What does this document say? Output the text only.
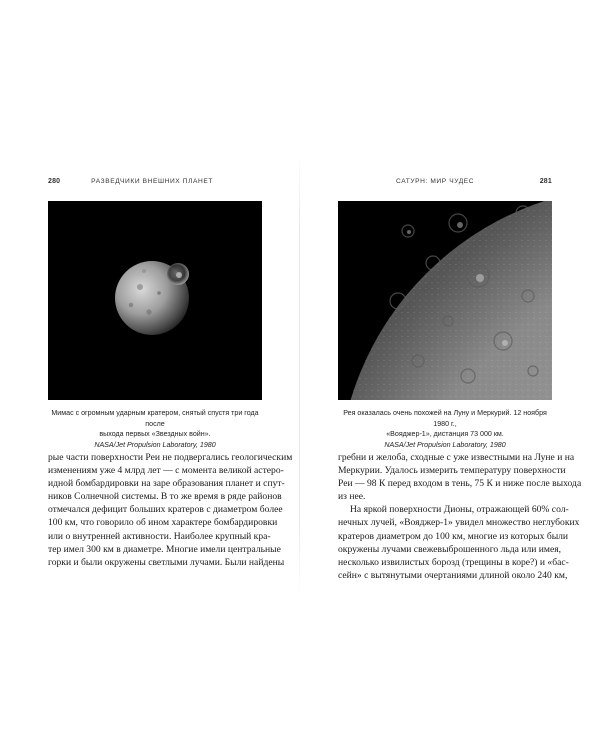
280	РАЗВЕДЧИКИ ВНЕШНИХ ПЛАНЕТ
Мимас с огромным ударным кратером, снятый спустя три года после
выхода первых «Звездных войн».
NASA/Jet Propulsion Laboratory, 1980
рые части поверхности Реи не подвергались геологическим
изменениям уже 4 млрд лет — с момента великой астеро-
идной бомбардировки на заре образования планет и спут-
ников Солнечной системы. В то же время в ряде районов
отмечался дефицит больших кратеров с диаметром более
100 км, что говорило об ином характере бомбардировки
или о внутренней активности. Наиболее крупный кра-
тер имел 300 км в диаметре. Многие имели центральные
горки и были окружены светлыми лучами. Были найдены
САТУРН: МИР ЧУДЕС	281
Рея оказалась очень похожей на Луну и Меркурий. 12 ноября 1980 г.,
«Вояджер-1», дистанция 73 000 км.
NASA/Jet Propulsion Laboratory, 1980
гребни и желоба, сходные с уже известными на Луне и на
Меркурии. Удалось измерить температуру поверхности
Реи — 98 К перед входом в тень, 75 К и ниже после выхода
из нее.
На яркой поверхности Дионы, отражающей 60% сол-
нечных лучей, «Вояджер-1» увидел множество неглубоких
кратеров диаметром до 100 км, многие из которых были
окружены лучами свежевыброшенного льда или имея,
несколько извилистых борозд (трещины в коре?) и «бас-
сейн» с вытянутыми очертаниями длиной около 240 км,
